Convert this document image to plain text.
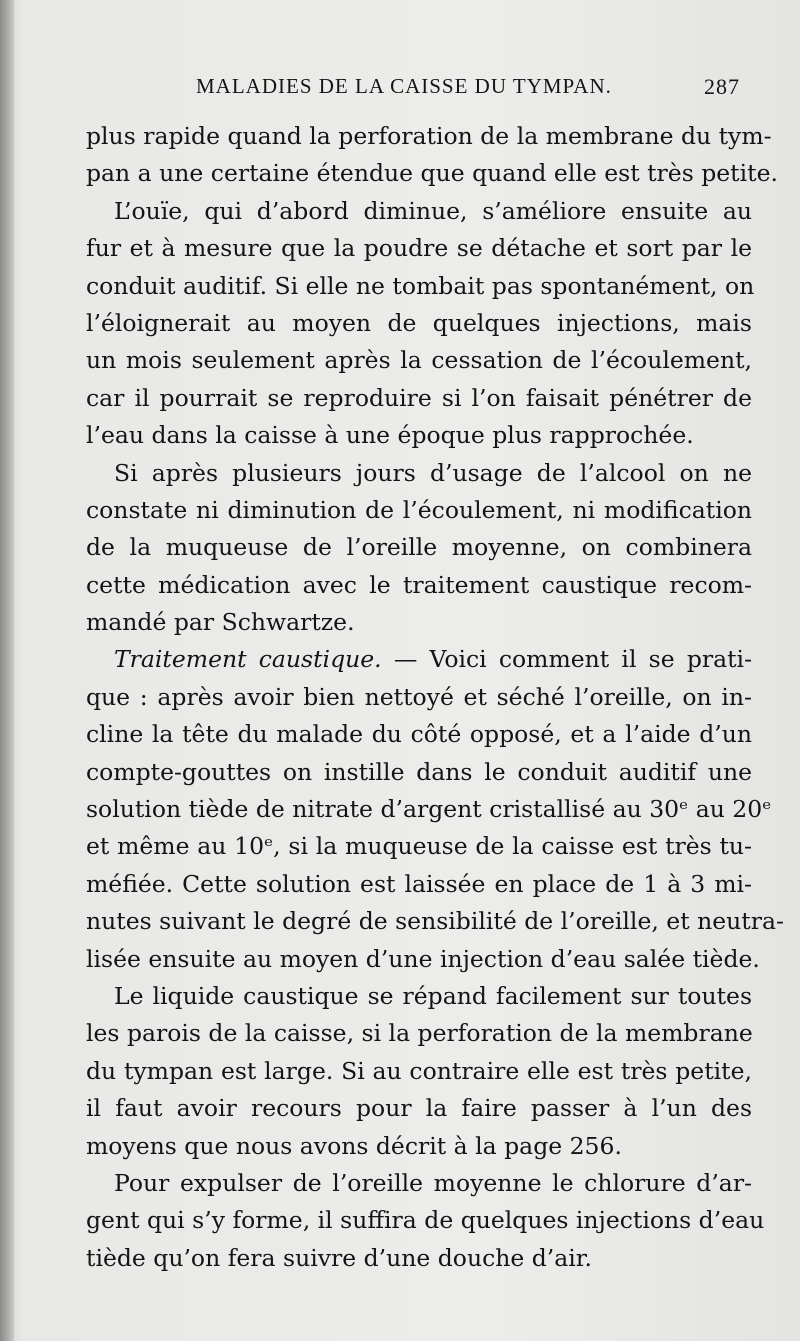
MALADIES DE LA CAISSE DU TYMPAN.	287
plus rapide quand la perforation de la membrane du tym-
pan a une certaine étendue que quand elle est très petite.
L’ouïe, qui d’abord diminue, s’améliore ensuite au
fur et à mesure que la poudre se détache et sort par le
conduit auditif. Si elle ne tombait pas spontanément, on
l’éloignerait au moyen de quelques injections, mais
un mois seulement après la cessation de l’écoulement,
car il pourrait se reproduire si l’on faisait pénétrer de
l’eau dans la caisse à une époque plus rapprochée.
Si après plusieurs jours d’usage de l’alcool on ne
constate ni diminution de l’écoulement, ni modification
de la muqueuse de l’oreille moyenne, on combinera
cette médication avec le traitement caustique recom-
mandé par Schwartze.
Traitement caustique. — Voici comment il se prati-
que : après avoir bien nettoyé et séché l’oreille, on in-
cline la tête du malade du côté opposé, et a l’aide d’un
compte-gouttes on instille dans le conduit auditif une
solution tiède de nitrate d’argent cristallisé au 30ᵉ au 20ᵉ
et même au 10ᵉ, si la muqueuse de la caisse est très tu-
méfiée. Cette solution est laissée en place de 1 à 3 mi-
nutes suivant le degré de sensibilité de l’oreille, et neutra-
lisée ensuite au moyen d’une injection d’eau salée tiède.
Le liquide caustique se répand facilement sur toutes
les parois de la caisse, si la perforation de la membrane
du tympan est large. Si au contraire elle est très petite,
il faut avoir recours pour la faire passer à l’un des
moyens que nous avons décrit à la page 256.
Pour expulser de l’oreille moyenne le chlorure d’ar-
gent qui s’y forme, il suffira de quelques injections d’eau
tiède qu’on fera suivre d’une douche d’air.
